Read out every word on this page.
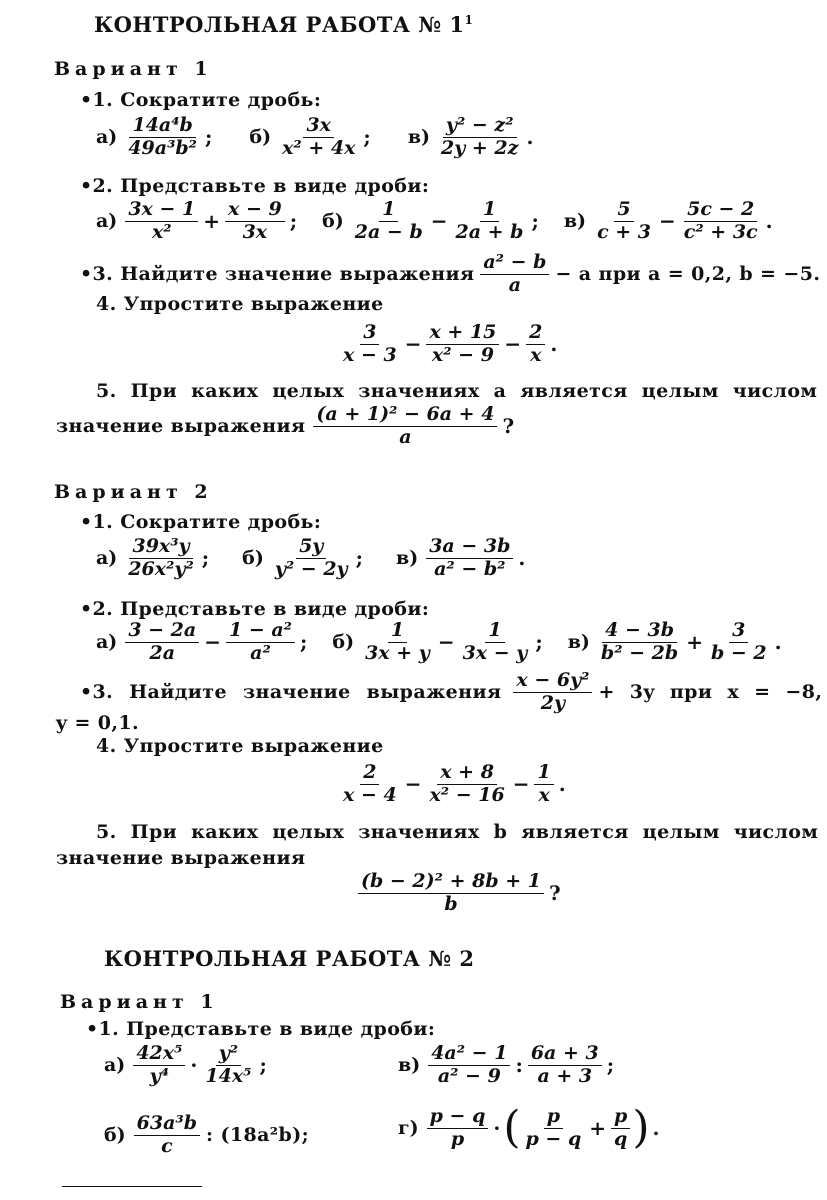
КОНТРОЛЬНАЯ РАБОТА № $1^1$
Вариант 1
•1. Сократите дробь:
а)
14a⁴b
49a³b² ; б)
3x
x² + 4x ; в)
y² − z²
2y + 2z .
•2. Представьте в виде дроби:
а)
3x − 1
$x^2 + \frac{x - 9}{3x}$ ; б)
1
$2a - b - \frac{1}{2a + b}$ ; в)
5
$c + 3 - \frac{5c - 2}{\text{c² + 3c}}$ .
•3. Найдите значение выражения
a² − b
a − a при a = 0,2, b = −5.
4. Упростите выражение
3
$x - 3 - \frac{x + 15}{\text{x² − 9}} - \frac{2}{x}$ .
5. При каких целых значениях a является целым числом
значение выражения
(a + 1)² − 6a + 4
a	?
Вариант 2
•1. Сократите дробь:
а)
39x³y
26x²y² ; б)
5y
y² − 2y ; в)
3a − 3b
a² − b² .
•2. Представьте в виде дроби:
а)
3 − 2a
$2a - \frac{\text{1 − a²}}{\text{a²}}$ ; б)
1
$3x + y - \frac{1}{3x - y}$ ; в)
4 − 3b
$b^2 - 2b + \frac{3}{b - 2}$ .
•3. Найдите значение выражения
x − 6y²
2y + 3y при x = −8,
y = 0,1.
4. Упростите выражение
2
$x - 4 - \frac{x + 8}{\text{x² − 16}} - \frac{1}{x}$ .
5. При каких целых значениях b является целым числом
значение выражения
(b − 2)² + 8b + 1
b	?
КОНТРОЛЬНАЯ РАБОТА № 2
Вариант 1
•1. Представьте в виде дроби:
а)
42x⁵
y⁴ ·
y²
14x⁵ ;	в)
4a² − 1
a² − 9 :
6a + 3
a + 3 ;
б)
63a³b
c : (18a²b);	г)
p − q
p · ( p
$p - q + \frac{p}{q}$ ) .
